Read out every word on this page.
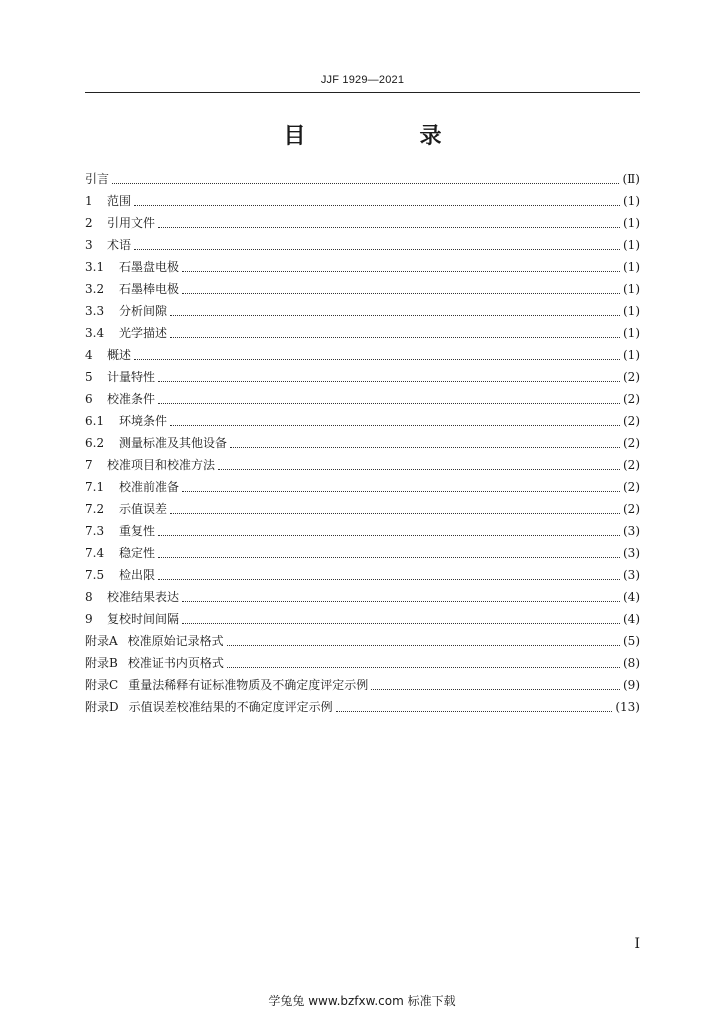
JJF 1929—2021
目　录
引言	(Ⅱ)
1	范围	(1)
2	引用文件	(1)
3	术语	(1)
3.1	石墨盘电极	(1)
3.2	石墨棒电极	(1)
3.3	分析间隙	(1)
3.4	光学描述	(1)
4	概述	(1)
5	计量特性	(2)
6	校准条件	(2)
6.1	环境条件	(2)
6.2	测量标准及其他设备	(2)
7	校准项目和校准方法	(2)
7.1	校准前准备	(2)
7.2	示值误差	(2)
7.3	重复性	(3)
7.4	稳定性	(3)
7.5	检出限	(3)
8	校准结果表达	(4)
9	复校时间间隔	(4)
附录A 校准原始记录格式	(5)
附录B 校准证书内页格式	(8)
附录C 重量法稀释有证标准物质及不确定度评定示例	(9)
附录D 示值误差校准结果的不确定度评定示例	(13)
I
学兔兔 www.bzfxw.com 标准下载
